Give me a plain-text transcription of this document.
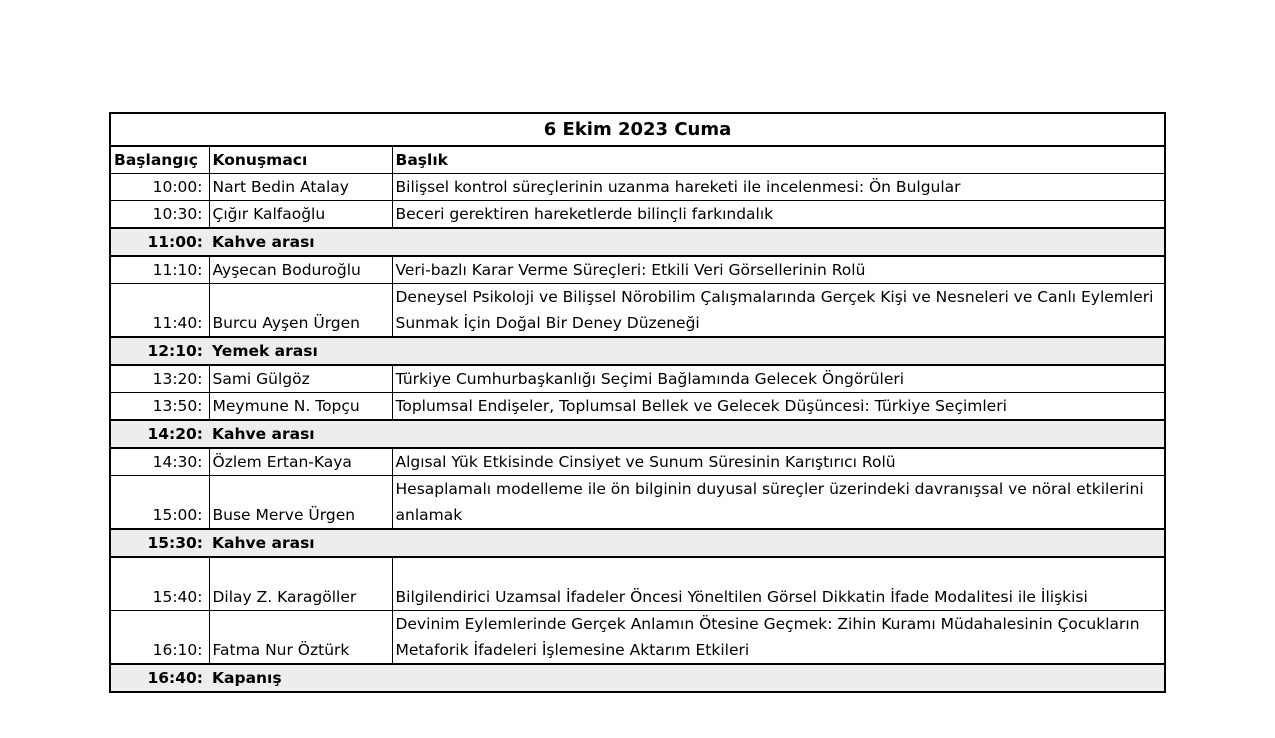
6 Ekim 2023 Cuma		
Başlangıç	Konuşmacı	Başlık
10:00:	Nart Bedin Atalay	Bilişsel kontrol süreçlerinin uzanma hareketi ile incelenmesi: Ön Bulgular
10:30:	Çığır Kalfaoğlu	Beceri gerektiren hareketlerde bilinçli farkındalık
11:00:	Kahve arası	
11:10:	Ayşecan Boduroğlu	Veri-bazlı Karar Verme Süreçleri: Etkili Veri Görsellerinin Rolü
11:40:	Burcu Ayşen Ürgen	Deneysel Psikoloji ve Bilişsel Nörobilim Çalışmalarında Gerçek Kişi ve Nesneleri ve Canlı Eylemleri Sunmak İçin Doğal Bir Deney Düzeneği
12:10:	Yemek arası	
13:20:	Sami Gülgöz	Türkiye Cumhurbaşkanlığı Seçimi Bağlamında Gelecek Öngörüleri
13:50:	Meymune N. Topçu	Toplumsal Endişeler, Toplumsal Bellek ve Gelecek Düşüncesi: Türkiye Seçimleri
14:20:	Kahve arası	
14:30:	Özlem Ertan-Kaya	Algısal Yük Etkisinde Cinsiyet ve Sunum Süresinin Karıştırıcı Rolü
15:00:	Buse Merve Ürgen	Hesaplamalı modelleme ile ön bilginin duyusal süreçler üzerindeki davranışsal ve nöral etkilerini anlamak
15:30:	Kahve arası	
15:40:	Dilay Z. Karagöller	Bilgilendirici Uzamsal İfadeler Öncesi Yöneltilen Görsel Dikkatin İfade Modalitesi ile İlişkisi
16:10:	Fatma Nur Öztürk	Devinim Eylemlerinde Gerçek Anlamın Ötesine Geçmek: Zihin Kuramı Müdahalesinin Çocukların Metaforik İfadeleri İşlemesine Aktarım Etkileri
16:40:	Kapanış	
